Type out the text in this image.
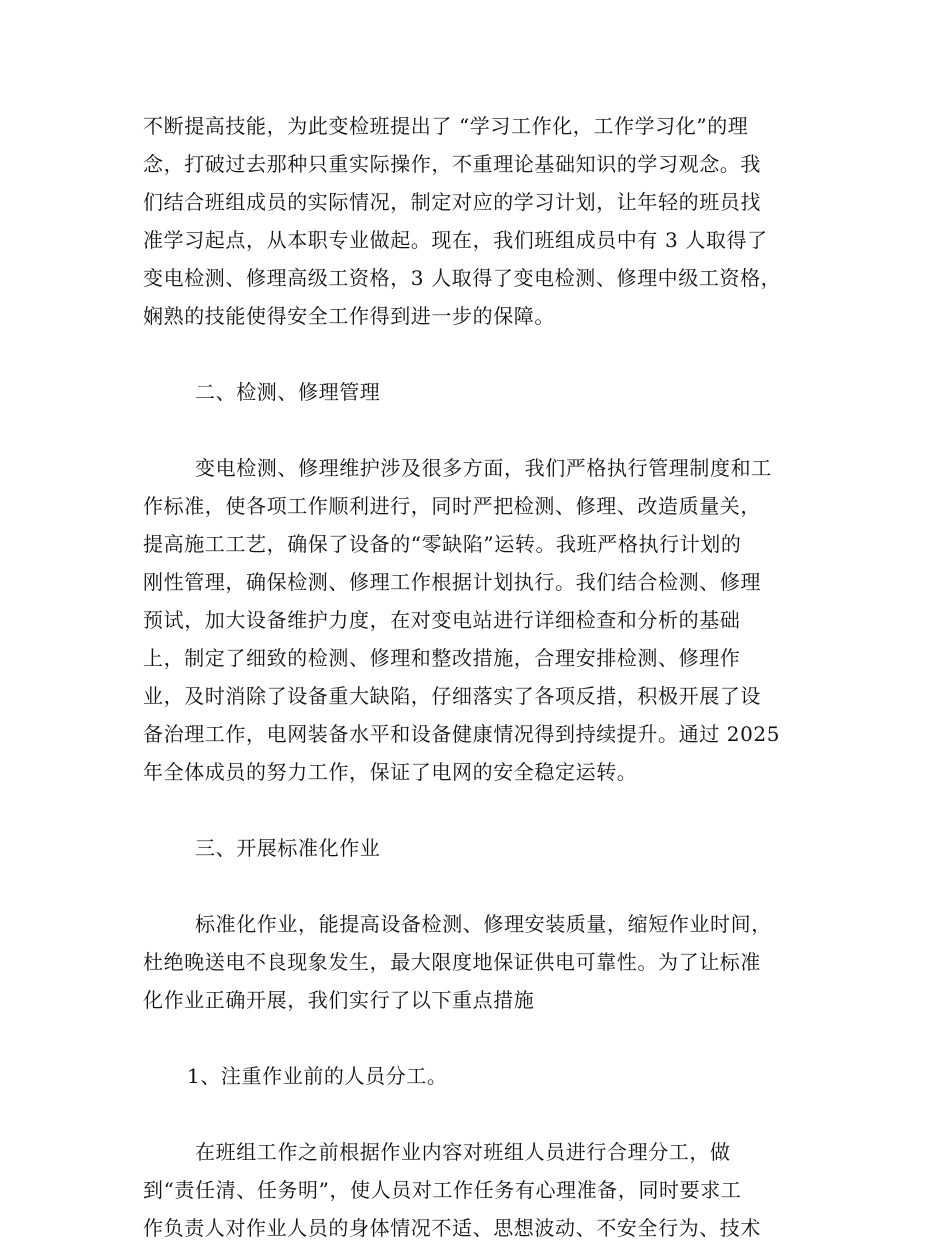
不断提高技能，为此变检班提出了 “学习工作化，工作学习化”的理
念，打破过去那种只重实际操作，不重理论基础知识的学习观念。我
们结合班组成员的实际情况，制定对应的学习计划，让年轻的班员找
准学习起点，从本职专业做起。现在，我们班组成员中有 3 人取得了
变电检测、修理高级工资格，3 人取得了变电检测、修理中级工资格，
娴熟的技能使得安全工作得到进一步的保障。
二、检测、修理管理
变电检测、修理维护涉及很多方面，我们严格执行管理制度和工
作标准，使各项工作顺利进行，同时严把检测、修理、改造质量关，
提高施工工艺，确保了设备的“零缺陷”运转。我班严格执行计划的
刚性管理，确保检测、修理工作根据计划执行。我们结合检测、修理
预试，加大设备维护力度，在对变电站进行详细检查和分析的基础
上，制定了细致的检测、修理和整改措施，合理安排检测、修理作
业，及时消除了设备重大缺陷，仔细落实了各项反措，积极开展了设
备治理工作，电网装备水平和设备健康情况得到持续提升。通过 2025
年全体成员的努力工作，保证了电网的安全稳定运转。
三、开展标准化作业
标准化作业，能提高设备检测、修理安装质量，缩短作业时间，
杜绝晚送电不良现象发生，最大限度地保证供电可靠性。为了让标准
化作业正确开展，我们实行了以下重点措施
1、注重作业前的人员分工。
在班组工作之前根据作业内容对班组人员进行合理分工，做
到“责任清、任务明”，使人员对工作任务有心理准备，同时要求工
作负责人对作业人员的身体情况不适、思想波动、不安全行为、技术
